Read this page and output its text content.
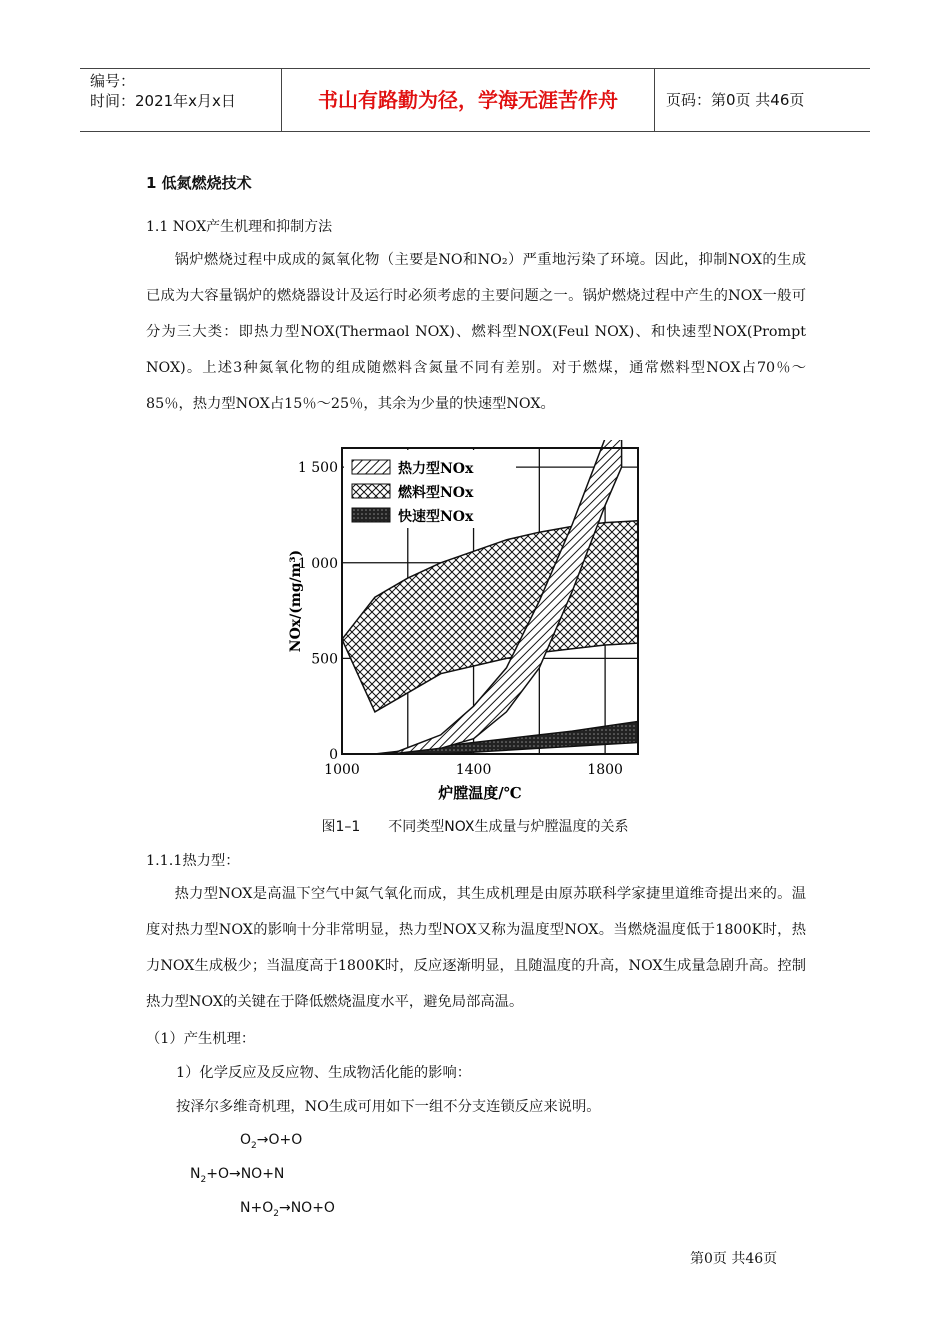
编号：
时间：2021年x月x日	书山有路勤为径，学海无涯苦作舟	页码：第0页 共46页
1 低氮燃烧技术
1.1 NOX产生机理和抑制方法
锅炉燃烧过程中成成的氮氧化物（主要是NO和NO₂）严重地污染了环境。因此，抑制NOX的生成已成为大容量锅炉的燃烧器设计及运行时必须考虑的主要问题之一。锅炉燃烧过程中产生的NOX一般可分为三大类：即热力型NOX(Thermaol NOX)、燃料型NOX(Feul NOX)、和快速型NOX(Prompt NOX)。上述3种氮氧化物的组成随燃料含氮量不同有差别。对于燃煤，通常燃料型NOX占70％～85％，热力型NOX占15％～25％，其余为少量的快速型NOX。
热力型NOx
燃料型NOx
快速型NOx
1000	1400	1800
0
500
1 000
1 500
NOx/(mg/m³)
炉膛温度/℃
图1–1　　不同类型NOX生成量与炉膛温度的关系
1.1.1热力型：
热力型NOX是高温下空气中氮气氧化而成，其生成机理是由原苏联科学家捷里道维奇提出来的。温度对热力型NOX的影响十分非常明显，热力型NOX又称为温度型NOX。当燃烧温度低于1800K时，热力NOX生成极少；当温度高于1800K时，反应逐渐明显，且随温度的升高，NOX生成量急剧升高。控制热力型NOX的关键在于降低燃烧温度水平，避免局部高温。
（1）产生机理：
1）化学反应及反应物、生成物活化能的影响：
按泽尔多维奇机理，NO生成可用如下一组不分支连锁反应来说明。
$O_2\to O+O$
$N_2+O\to NO+N$
$N+O_2\to NO+O$
第0页 共46页
